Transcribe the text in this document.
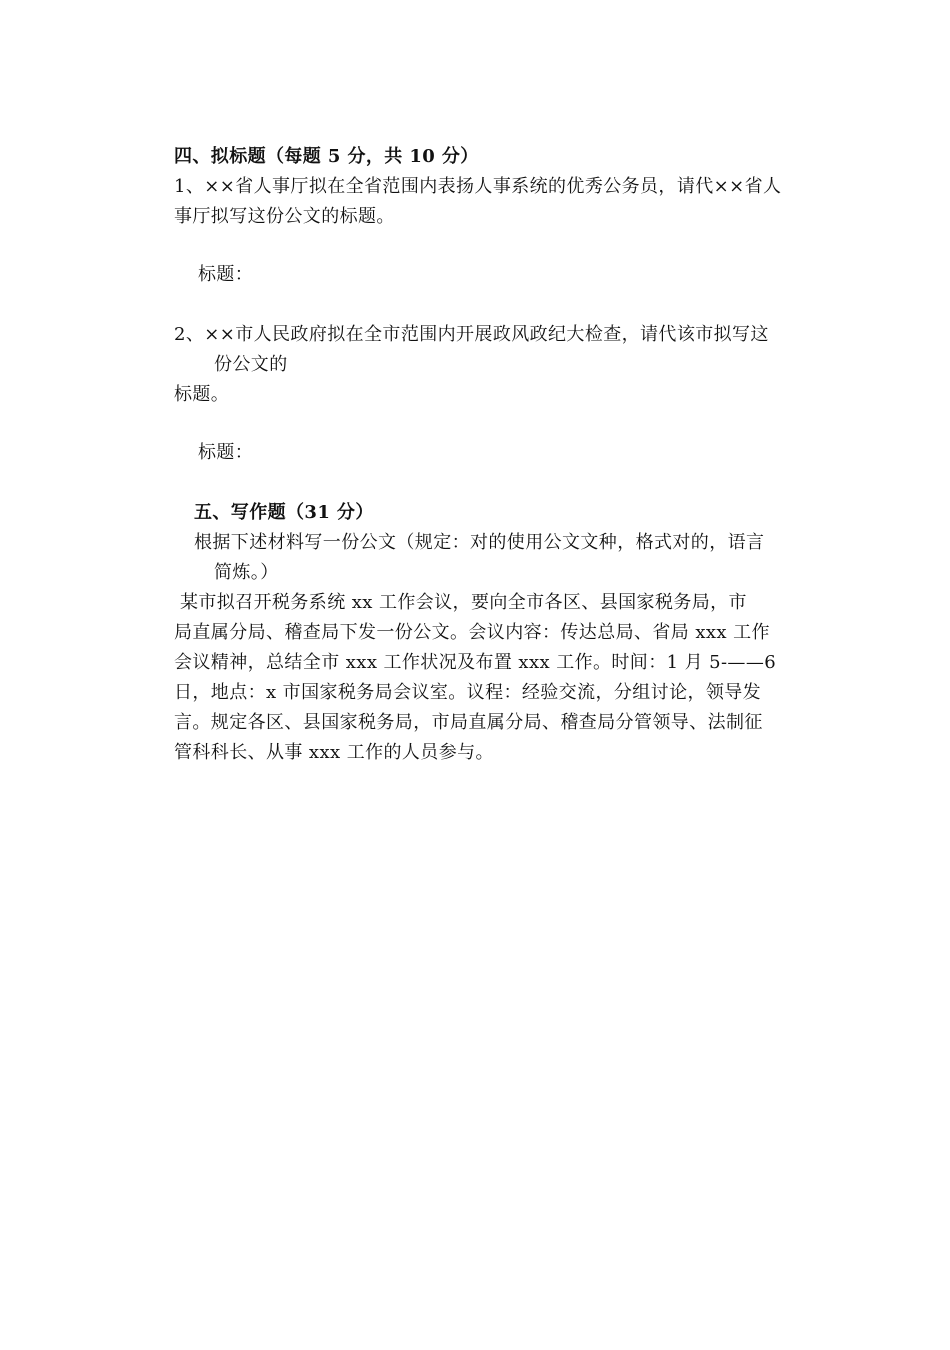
四、拟标题（每题 5 分，共 10 分）
1、××省人事厅拟在全省范围内表扬人事系统的优秀公务员，请代××省人
事厅拟写这份公文的标题。
标题：
2、××市人民政府拟在全市范围内开展政风政纪大检查，请代该市拟写这
份公文的
标题。
标题：
五、写作题（31 分）
根据下述材料写一份公文（规定：对的使用公文文种，格式对的，语言
简炼。）
某市拟召开税务系统 xx 工作会议，要向全市各区、县国家税务局，市
局直属分局、稽查局下发一份公文。会议内容：传达总局、省局 xxx 工作
会议精神，总结全市 xxx 工作状况及布置 xxx 工作。时间：1 月 5-——6
日，地点：x 市国家税务局会议室。议程：经验交流，分组讨论，领导发
言。规定各区、县国家税务局，市局直属分局、稽查局分管领导、法制征
管科科长、从事 xxx 工作的人员参与。
